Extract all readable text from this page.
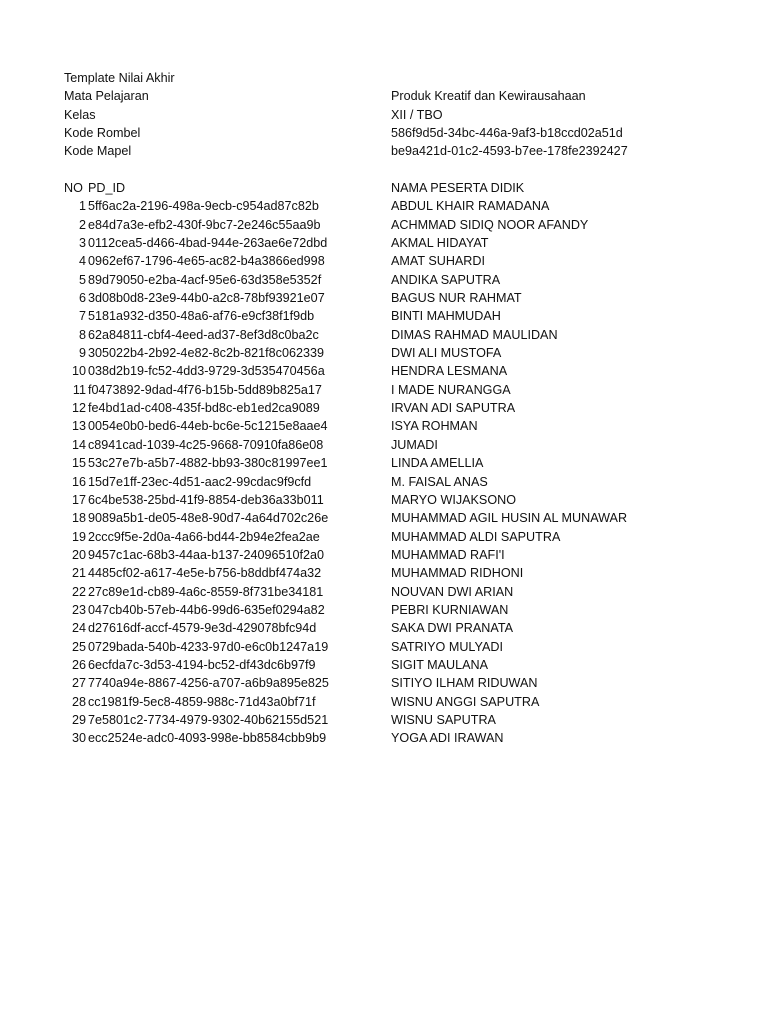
Template Nilai Akhir
Mata Pelajaran	Produk Kreatif dan Kewirausahaan
Kelas	XII / TBO
Kode Rombel	586f9d5d-34bc-446a-9af3-b18ccd02a51d
Kode Mapel	be9a421d-01c2-4593-b7ee-178fe2392427
NO PD_ID	NAMA PESERTA DIDIK
1 5ff6ac2a-2196-498a-9ecb-c954ad87c82b	ABDUL KHAIR RAMADANA
2 e84d7a3e-efb2-430f-9bc7-2e246c55aa9b	ACHMMAD SIDIQ NOOR AFANDY
3 0112cea5-d466-4bad-944e-263ae6e72dbd	AKMAL HIDAYAT
4 0962ef67-1796-4e65-ac82-b4a3866ed998	AMAT SUHARDI
5 89d79050-e2ba-4acf-95e6-63d358e5352f	ANDIKA SAPUTRA
6 3d08b0d8-23e9-44b0-a2c8-78bf93921e07	BAGUS NUR RAHMAT
7 5181a932-d350-48a6-af76-e9cf38f1f9db	BINTI MAHMUDAH
8 62a84811-cbf4-4eed-ad37-8ef3d8c0ba2c	DIMAS RAHMAD MAULIDAN
9 305022b4-2b92-4e82-8c2b-821f8c062339	DWI ALI MUSTOFA
10 038d2b19-fc52-4dd3-9729-3d535470456a	HENDRA LESMANA
11 f0473892-9dad-4f76-b15b-5dd89b825a17	I MADE NURANGGA
12 fe4bd1ad-c408-435f-bd8c-eb1ed2ca9089	IRVAN ADI SAPUTRA
13 0054e0b0-bed6-44eb-bc6e-5c1215e8aae4	ISYA ROHMAN
14 c8941cad-1039-4c25-9668-70910fa86e08	JUMADI
15 53c27e7b-a5b7-4882-bb93-380c81997ee1	LINDA AMELLIA
16 15d7e1ff-23ec-4d51-aac2-99cdac9f9cfd	M. FAISAL ANAS
17 6c4be538-25bd-41f9-8854-deb36a33b011	MARYO WIJAKSONO
18 9089a5b1-de05-48e8-90d7-4a64d702c26e	MUHAMMAD AGIL HUSIN AL MUNAWAR
19 2ccc9f5e-2d0a-4a66-bd44-2b94e2fea2ae	MUHAMMAD ALDI SAPUTRA
20 9457c1ac-68b3-44aa-b137-24096510f2a0	MUHAMMAD RAFI'I
21 4485cf02-a617-4e5e-b756-b8ddbf474a32	MUHAMMAD RIDHONI
22 27c89e1d-cb89-4a6c-8559-8f731be34181	NOUVAN DWI ARIAN
23 047cb40b-57eb-44b6-99d6-635ef0294a82	PEBRI KURNIAWAN
24 d27616df-accf-4579-9e3d-429078bfc94d	SAKA DWI PRANATA
25 0729bada-540b-4233-97d0-e6c0b1247a19	SATRIYO MULYADI
26 6ecfda7c-3d53-4194-bc52-df43dc6b97f9	SIGIT MAULANA
27 7740a94e-8867-4256-a707-a6b9a895e825	SITIYO ILHAM RIDUWAN
28 cc1981f9-5ec8-4859-988c-71d43a0bf71f	WISNU ANGGI SAPUTRA
29 7e5801c2-7734-4979-9302-40b62155d521	WISNU SAPUTRA
30 ecc2524e-adc0-4093-998e-bb8584cbb9b9	YOGA ADI IRAWAN
